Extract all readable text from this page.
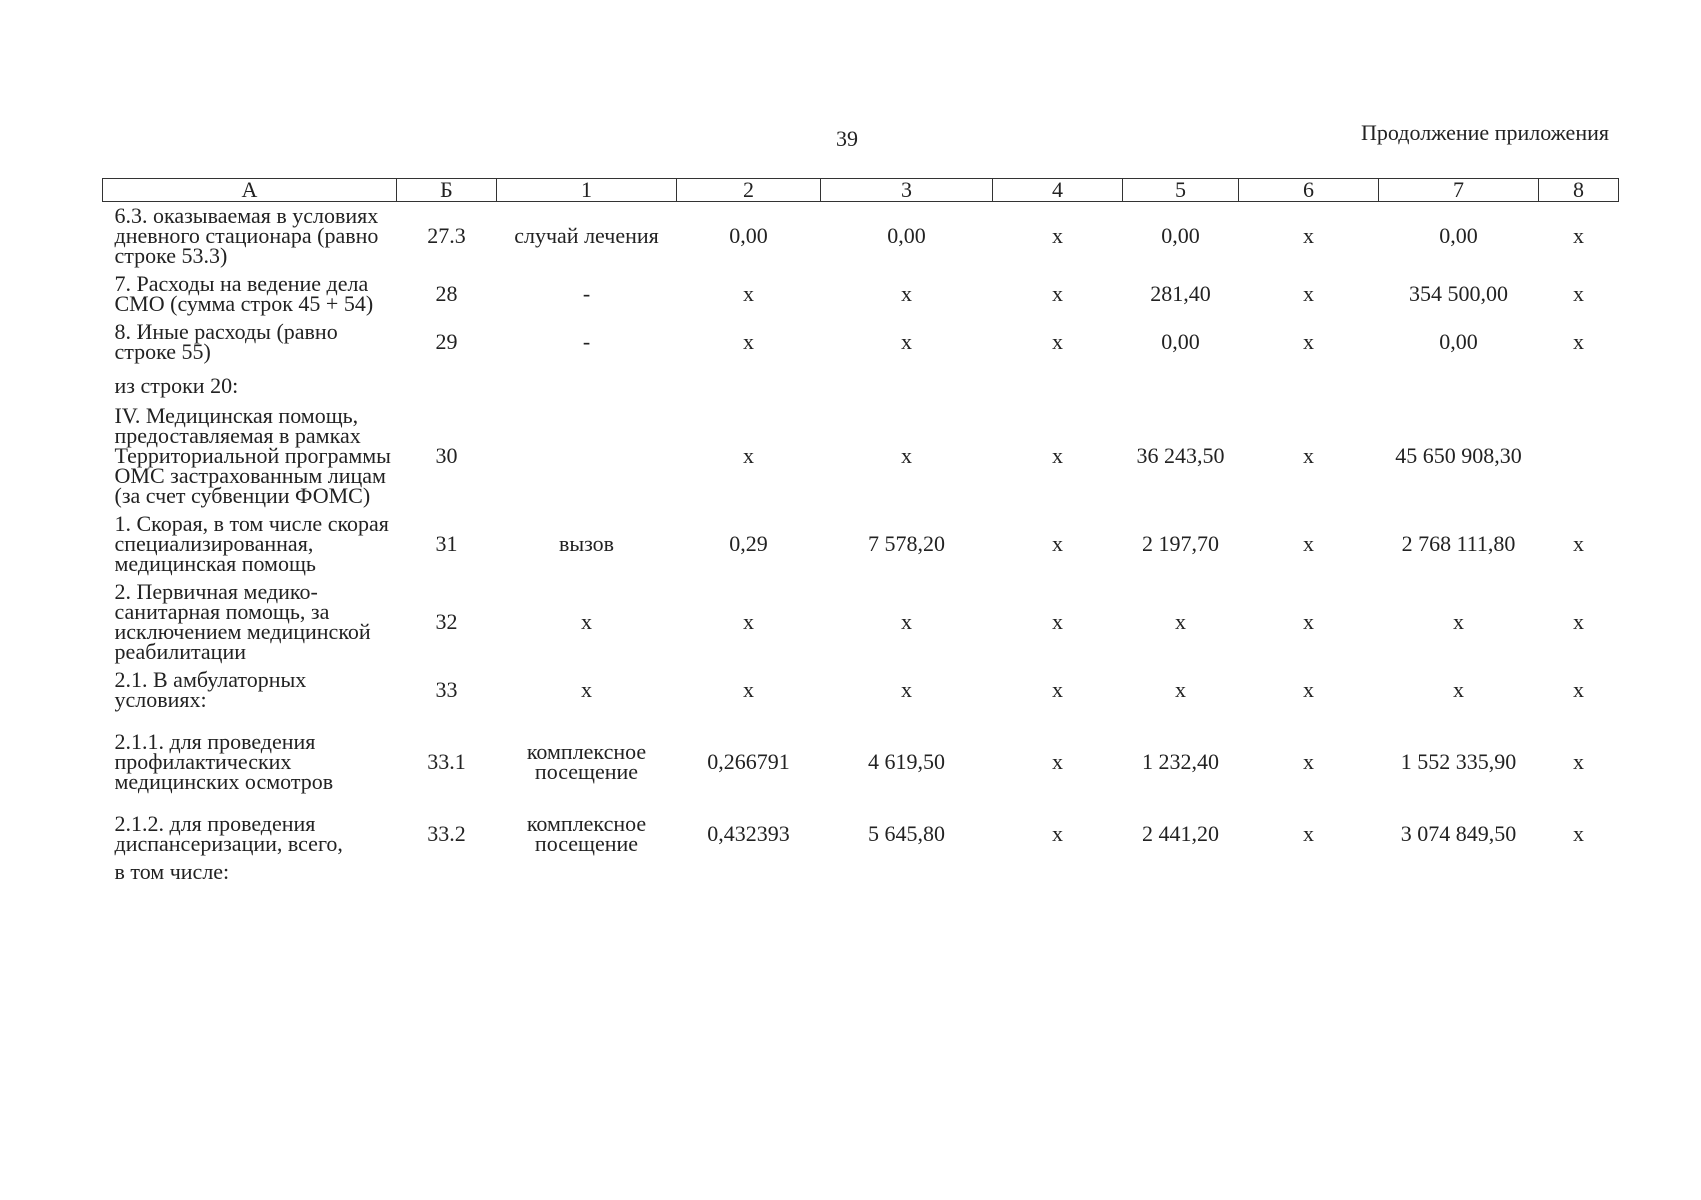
39	Продолжение приложения
А	Б	1	2	3	4	5	6	7	8
6.3. оказываемая в условиях дневного стационара (равно строке 53.3)	27.3	случай лечения	0,00	0,00	x	0,00	x	0,00	x
7. Расходы на ведение дела СМО (сумма строк 45 + 54)	28	-	x	x	x	281,40	x	354 500,00	x
8. Иные расходы (равно строке 55)	29	-	x	x	x	0,00	x	0,00	x
из строки 20:									
IV. Медицинская помощь, предоставляемая в рамках Территориальной программы ОМС застрахованным лицам (за счет субвенции ФОМС)	30		x	x	x	36 243,50	x	45 650 908,30	
1. Скорая, в том числе скорая специализированная, медицинская помощь	31	вызов	0,29	7 578,20	x	2 197,70	x	2 768 111,80	x
2. Первичная медико-санитарная помощь, за исключением медицинской реабилитации	32	x	x	x	x	x	x	x	x
2.1. В амбулаторных условиях:	33	x	x	x	x	x	x	x	x
2.1.1. для проведения профилактических медицинских осмотров	33.1	комплексное посещение	0,266791	4 619,50	x	1 232,40	x	1 552 335,90	x
2.1.2. для проведения диспансеризации, всего,	33.2	комплексное посещение	0,432393	5 645,80	x	2 441,20	x	3 074 849,50	x
в том числе:									
